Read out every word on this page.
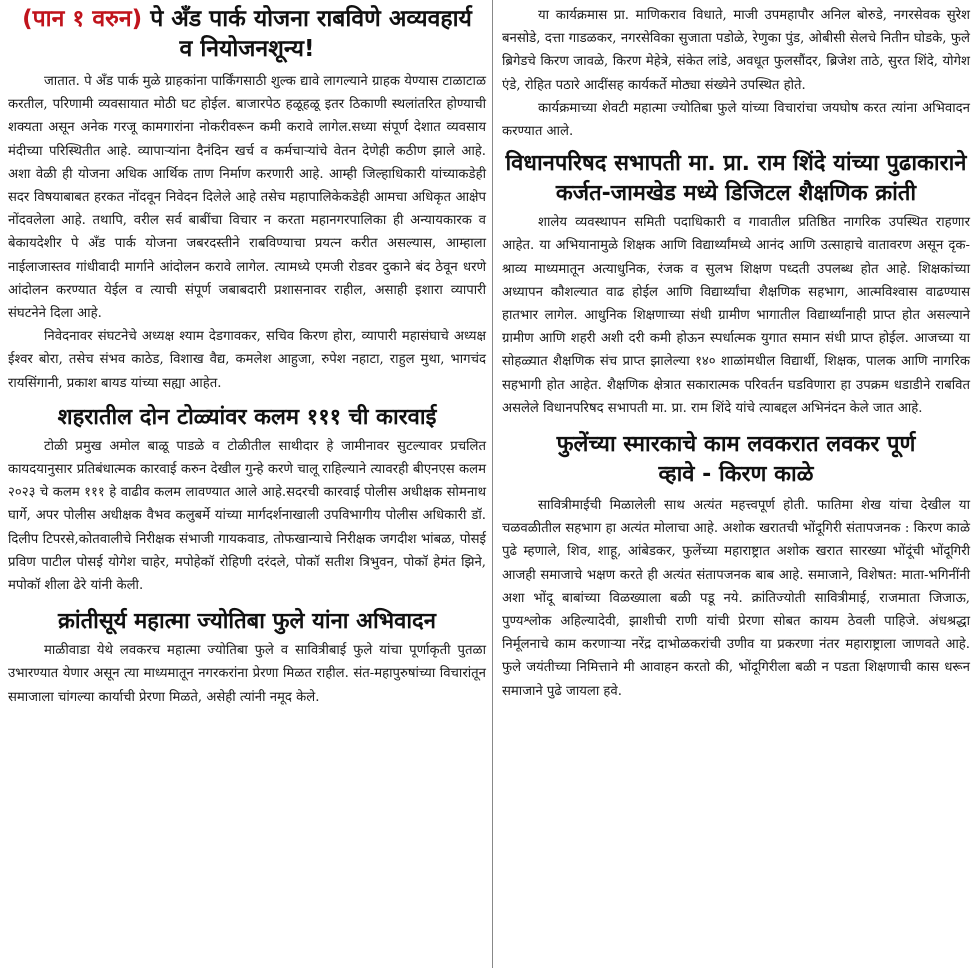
(पान १ वरुन) पे अँड पार्क योजना राबविणे अव्यवहार्य
व नियोजनशून्य!

जातात. पे अँड पार्क मुळे ग्राहकांना पार्किंगसाठी शुल्क द्यावे लागल्याने ग्राहक येण्यास टाळाटाळ करतील, परिणामी व्यवसायात मोठी घट होईल. बाजारपेठ हळूहळू इतर ठिकाणी स्थलांतरित होण्याची शक्यता असून अनेक गरजू कामगारांना नोकरीवरून कमी करावे लागेल.सध्या संपूर्ण देशात व्यवसाय मंदीच्या परिस्थितीत आहे. व्यापाऱ्यांना दैनंदिन खर्च व कर्मचाऱ्यांचे वेतन देणेही कठीण झाले आहे. अशा वेळी ही योजना अधिक आर्थिक ताण निर्माण करणारी आहे. आम्ही जिल्हाधिकारी यांच्याकडेही सदर विषयाबाबत हरकत नोंदवून निवेदन दिलेले आहे तसेच महापालिकेकडेही आमचा अधिकृत आक्षेप नोंदवलेला आहे. तथापि, वरील सर्व बाबींचा विचार न करता महानगरपालिका ही अन्यायकारक व बेकायदेशीर पे अँड पार्क योजना जबरदस्तीने राबविण्याचा प्रयत्न करीत असल्यास, आम्हाला नाईलाजास्तव गांधीवादी मार्गाने आंदोलन करावे लागेल. त्यामध्ये एमजी रोडवर दुकाने बंद ठेवून धरणे आंदोलन करण्यात येईल व त्याची संपूर्ण जबाबदारी प्रशासनावर राहील, असाही इशारा व्यापारी संघटनेने दिला आहे.

निवेदनावर संघटनेचे अध्यक्ष श्याम देडगावकर, सचिव किरण होरा, व्यापारी महासंघाचे अध्यक्ष ईश्वर बोरा, तसेच संभव काठेड, विशाख वैद्य, कमलेश आहुजा, रुपेश नहाटा, राहुल मुथा, भागचंद रायसिंगानी, प्रकाश बायड यांच्या सह्या आहेत.

शहरातील दोन टोळ्यांवर कलम १११ ची कारवाई

टोळी प्रमुख अमोल बाळू पाडळे व टोळीतील साथीदार हे जामीनावर सुटल्यावर प्रचलित कायदयानुसार प्रतिबंधात्मक कारवाई करुन देखील गुन्हे करणे चालू राहिल्याने त्यावरही बीएनएस कलम २०२३ चे कलम १११ हे वाढीव कलम लावण्यात आले आहे.सदरची कारवाई पोलीस अधीक्षक सोमनाथ घार्गे, अपर पोलीस अधीक्षक वैभव कलुबर्मे यांच्या मार्गदर्शनाखाली उपविभागीय पोलीस अधिकारी डॉ. दिलीप टिपरसे,कोतवालीचे निरीक्षक संभाजी गायकवाड, तोफखान्याचे निरीक्षक जगदीश भांबळ, पोसई प्रविण पाटील पोसई योगेश चाहेर, मपोहेकॉ रोहिणी दरंदले, पोकॉ सतीश त्रिभुवन, पोकॉ हेमंत झिने, मपोकॉ शीला ढेरे यांनी केली.

क्रांतीसूर्य महात्मा ज्योतिबा फुले यांना अभिवादन

माळीवाडा येथे लवकरच महात्मा ज्योतिबा फुले व सावित्रीबाई फुले यांचा पूर्णाकृती पुतळा उभारण्यात येणार असून त्या माध्यमातून नगरकरांना प्रेरणा मिळत राहील. संत-महापुरुषांच्या विचारांतून समाजाला चांगल्या कार्याची प्रेरणा मिळते, असेही त्यांनी नमूद केले.

या कार्यक्रमास प्रा. माणिकराव विधाते, माजी उपमहापौर अनिल बोरुडे, नगरसेवक सुरेश बनसोडे, दत्ता गाडळकर, नगरसेविका सुजाता पडोळे, रेणुका पुंड, ओबीसी सेलचे नितीन घोडके, फुले ब्रिगेडचे किरण जावळे, किरण मेहेत्रे, संकेत लांडे, अवधूत फुलसौंदर, ब्रिजेश ताठे, सुरत शिंदे, योगेश एंडे, रोहित पठारे आदींसह कार्यकर्ते मोठ्या संख्येने उपस्थित होते.

कार्यक्रमाच्या शेवटी महात्मा ज्योतिबा फुले यांच्या विचारांचा जयघोष करत त्यांना अभिवादन करण्यात आले.

विधानपरिषद सभापती मा. प्रा. राम शिंदे यांच्या पुढाकाराने
कर्जत-जामखेड मध्ये डिजिटल शैक्षणिक क्रांती

शालेय व्यवस्थापन समिती पदाधिकारी व गावातील प्रतिष्ठित नागरिक उपस्थित राहणार आहेत. या अभियानामुळे शिक्षक आणि विद्यार्थ्यांमध्ये आनंद आणि उत्साहाचे वातावरण असून दृक-श्राव्य माध्यमातून अत्याधुनिक, रंजक व सुलभ शिक्षण पध्दती उपलब्ध होत आहे. शिक्षकांच्या अध्यापन कौशल्यात वाढ होईल आणि विद्यार्थ्यांचा शैक्षणिक सहभाग, आत्मविश्वास वाढण्यास हातभार लागेल. आधुनिक शिक्षणाच्या संधी ग्रामीण भागातील विद्यार्थ्यांनाही प्राप्त होत असल्याने ग्रामीण आणि शहरी अशी दरी कमी होऊन स्पर्धात्मक युगात समान संधी प्राप्त होईल. आजच्या या सोहळ्यात शैक्षणिक संच प्राप्त झालेल्या १४० शाळांमधील विद्यार्थी, शिक्षक, पालक आणि नागरिक सहभागी होत आहेत. शैक्षणिक क्षेत्रात सकारात्मक परिवर्तन घडविणारा हा उपक्रम धडाडीने राबवित असलेले विधानपरिषद सभापती मा. प्रा. राम शिंदे यांचे त्याबद्दल अभिनंदन केले जात आहे.

फुलेंच्या स्मारकाचे काम लवकरात लवकर पूर्ण
व्हावे - किरण काळे

सावित्रीमाईची मिळालेली साथ अत्यंत महत्त्वपूर्ण होती. फातिमा शेख यांचा देखील या चळवळीतील सहभाग हा अत्यंत मोलाचा आहे. अशोक खरातची भोंदूगिरी संतापजनक : किरण काळे पुढे म्हणाले, शिव, शाहू, आंबेडकर, फुलेंच्या महाराष्ट्रात अशोक खरात सारख्या भोंदूंची भोंदूगिरी आजही समाजाचे भक्षण करते ही अत्यंत संतापजनक बाब आहे. समाजाने, विशेषत: माता-भगिनींनी अशा भोंदू बाबांच्या विळख्याला बळी पडू नये. क्रांतिज्योती सावित्रीमाई, राजमाता जिजाऊ, पुण्यश्लोक अहिल्यादेवी, झाशीची राणी यांची प्रेरणा सोबत कायम ठेवली पाहिजे. अंधश्रद्धा निर्मूलनाचे काम करणाऱ्या नरेंद्र दाभोळकरांची उणीव या प्रकरणा नंतर महाराष्ट्राला जाणवते आहे. फुले जयंतीच्या निमित्ताने मी आवाहन करतो की, भोंदूगिरीला बळी न पडता शिक्षणाची कास धरून समाजाने पुढे जायला हवे.
